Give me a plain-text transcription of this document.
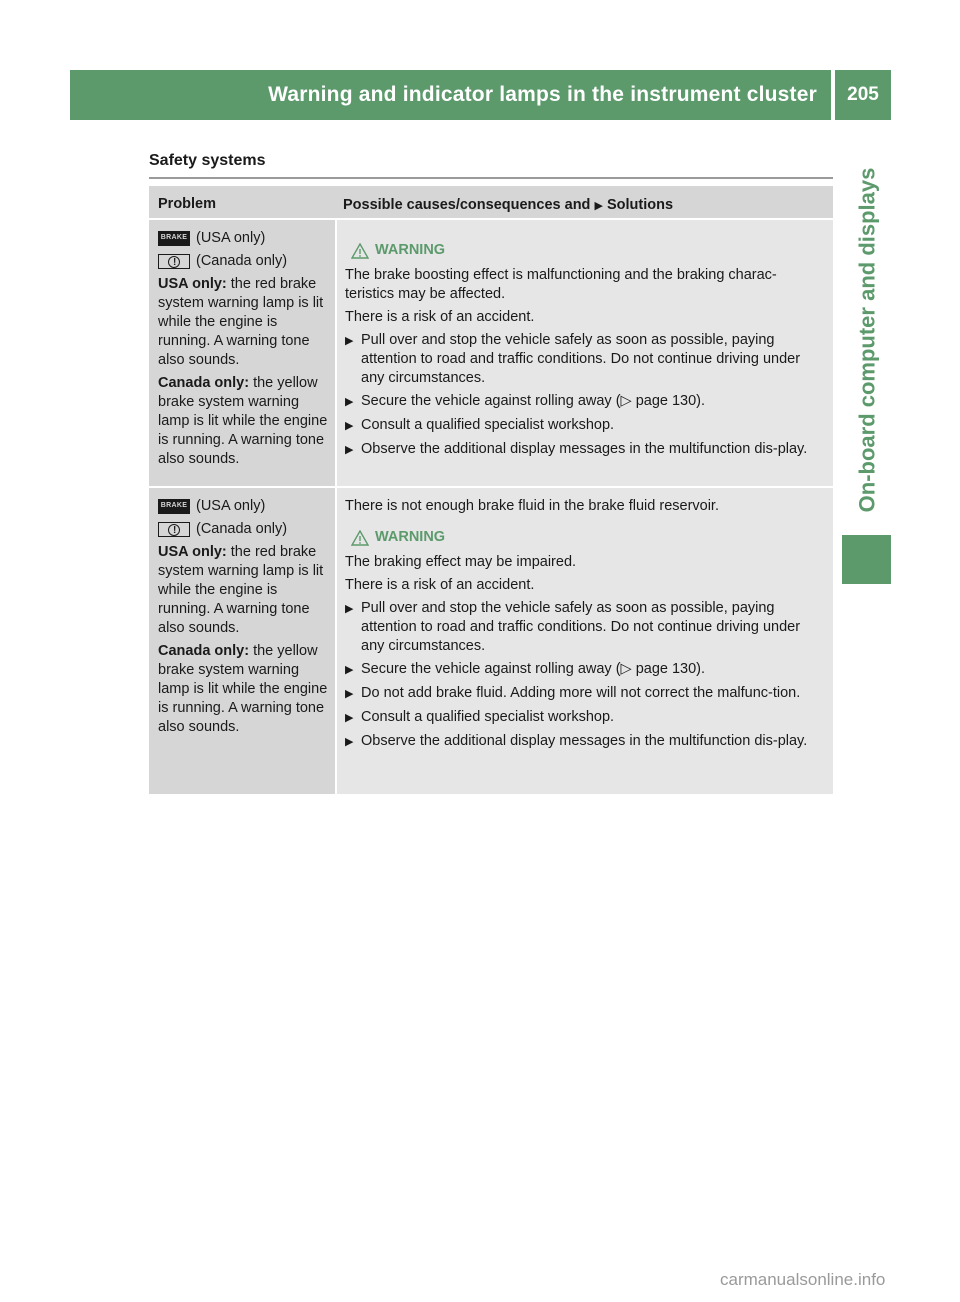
Warning and indicator lamps in the instrument cluster 205
On-board computer and displays
Safety systems
Problem	Possible causes/consequences and ▶ Solutions
BRAKE (USA only)
!
(Canada only)

USA only: the red brake system warning lamp is lit while the engine is running. A warning tone also sounds.

Canada only: the yellow brake system warning lamp is lit while the engine is running. A warning tone also sounds.

WARNING

The brake boosting effect is malfunctioning and the braking charac-teristics may be affected.

There is a risk of an accident.

▶ Pull over and stop the vehicle safely as soon as possible, paying attention to road and traffic conditions. Do not continue driving under any circumstances.
▶ Secure the vehicle against rolling away (▷ page 130).
▶ Consult a qualified specialist workshop.
▶ Observe the additional display messages in the multifunction dis-play.
BRAKE (USA only)
!
(Canada only)

USA only: the red brake system warning lamp is lit while the engine is running. A warning tone also sounds.

Canada only: the yellow brake system warning lamp is lit while the engine is running. A warning tone also sounds.

There is not enough brake fluid in the brake fluid reservoir.

WARNING

The braking effect may be impaired.

There is a risk of an accident.

▶ Pull over and stop the vehicle safely as soon as possible, paying attention to road and traffic conditions. Do not continue driving under any circumstances.
▶ Secure the vehicle against rolling away (▷ page 130).
▶ Do not add brake fluid. Adding more will not correct the malfunc-tion.
▶ Consult a qualified specialist workshop.
▶ Observe the additional display messages in the multifunction dis-play.
carmanualsonline.info
